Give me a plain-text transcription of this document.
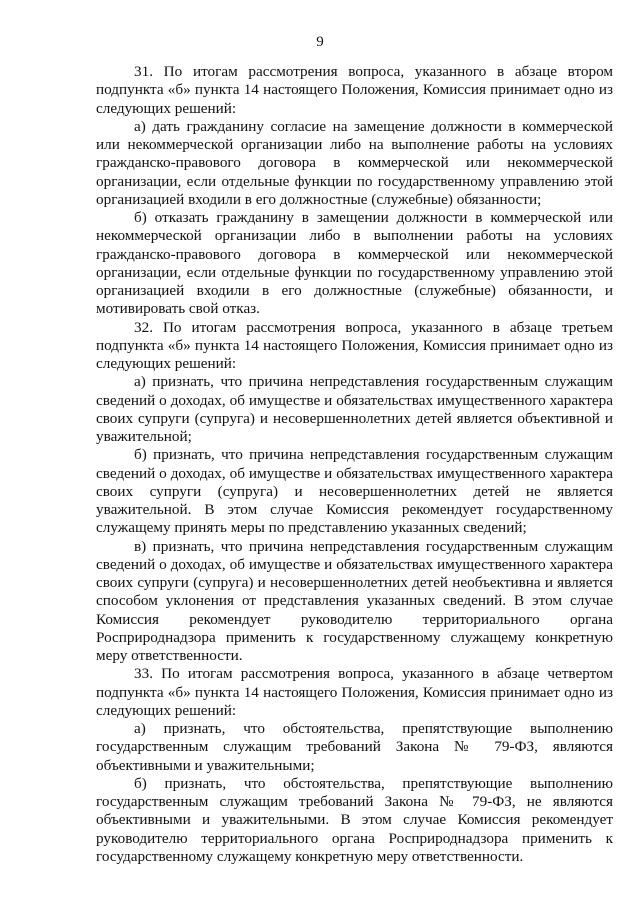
9

31. По итогам рассмотрения вопроса, указанного в абзаце втором подпункта «б» пункта 14 настоящего Положения, Комиссия принимает одно из следующих решений:

а) дать гражданину согласие на замещение должности в коммерческой или некоммерческой организации либо на выполнение работы на условиях гражданско-правового договора в коммерческой или некоммерческой организации, если отдельные функции по государственному управлению этой организацией входили в его должностные (служебные) обязанности;

б) отказать гражданину в замещении должности в коммерческой или некоммерческой организации либо в выполнении работы на условиях гражданско-правового договора в коммерческой или некоммерческой организации, если отдельные функции по государственному управлению этой организацией входили в его должностные (служебные) обязанности, и мотивировать свой отказ.

32. По итогам рассмотрения вопроса, указанного в абзаце третьем подпункта «б» пункта 14 настоящего Положения, Комиссия принимает одно из следующих решений:

а) признать, что причина непредставления государственным служащим сведений о доходах, об имуществе и обязательствах имущественного характера своих супруги (супруга) и несовершеннолетних детей является объективной и уважительной;

б) признать, что причина непредставления государственным служащим сведений о доходах, об имуществе и обязательствах имущественного характера своих супруги (супруга) и несовершеннолетних детей не является уважительной. В этом случае Комиссия рекомендует государственному служащему принять меры по представлению указанных сведений;

в) признать, что причина непредставления государственным служащим сведений о доходах, об имуществе и обязательствах имущественного характера своих супруги (супруга) и несовершеннолетних детей необъективна и является способом уклонения от представления указанных сведений. В этом случае Комиссия рекомендует руководителю территориального органа Росприроднадзора применить к государственному служащему конкретную меру ответственности.

33. По итогам рассмотрения вопроса, указанного в абзаце четвертом подпункта «б» пункта 14 настоящего Положения, Комиссия принимает одно из следующих решений:

а) признать, что обстоятельства, препятствующие выполнению государственным служащим требований Закона № 79-ФЗ, являются объективными и уважительными;

б) признать, что обстоятельства, препятствующие выполнению государственным служащим требований Закона № 79-ФЗ, не являются объективными и уважительными. В этом случае Комиссия рекомендует руководителю территориального органа Росприроднадзора применить к государственному служащему конкретную меру ответственности.
